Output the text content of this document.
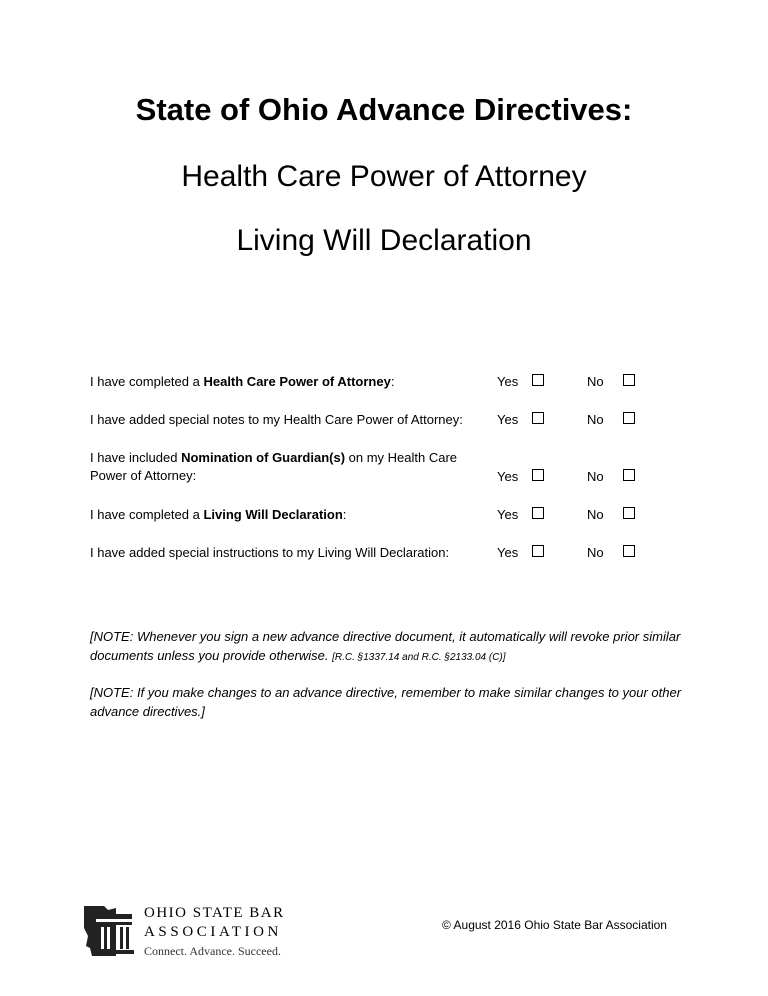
State of Ohio Advance Directives:
Health Care Power of Attorney
Living Will Declaration
I have completed a Health Care Power of Attorney:	Yes	No
I have added special notes to my Health Care Power of Attorney:	Yes	No
I have included Nomination of Guardian(s) on my Health Care Power of Attorney:	Yes	No
I have completed a Living Will Declaration:	Yes	No
I have added special instructions to my Living Will Declaration:	Yes	No

[NOTE: Whenever you sign a new advance directive document, it automatically will revoke prior similar documents unless you provide otherwise. [R.C. §1337.14 and R.C. §2133.04 (C)]

[NOTE: If you make changes to an advance directive, remember to make similar changes to your other advance directives.]

OHIO STATE BAR
ASSOCIATION
Connect. Advance. Succeed.
© August 2016 Ohio State Bar Association
